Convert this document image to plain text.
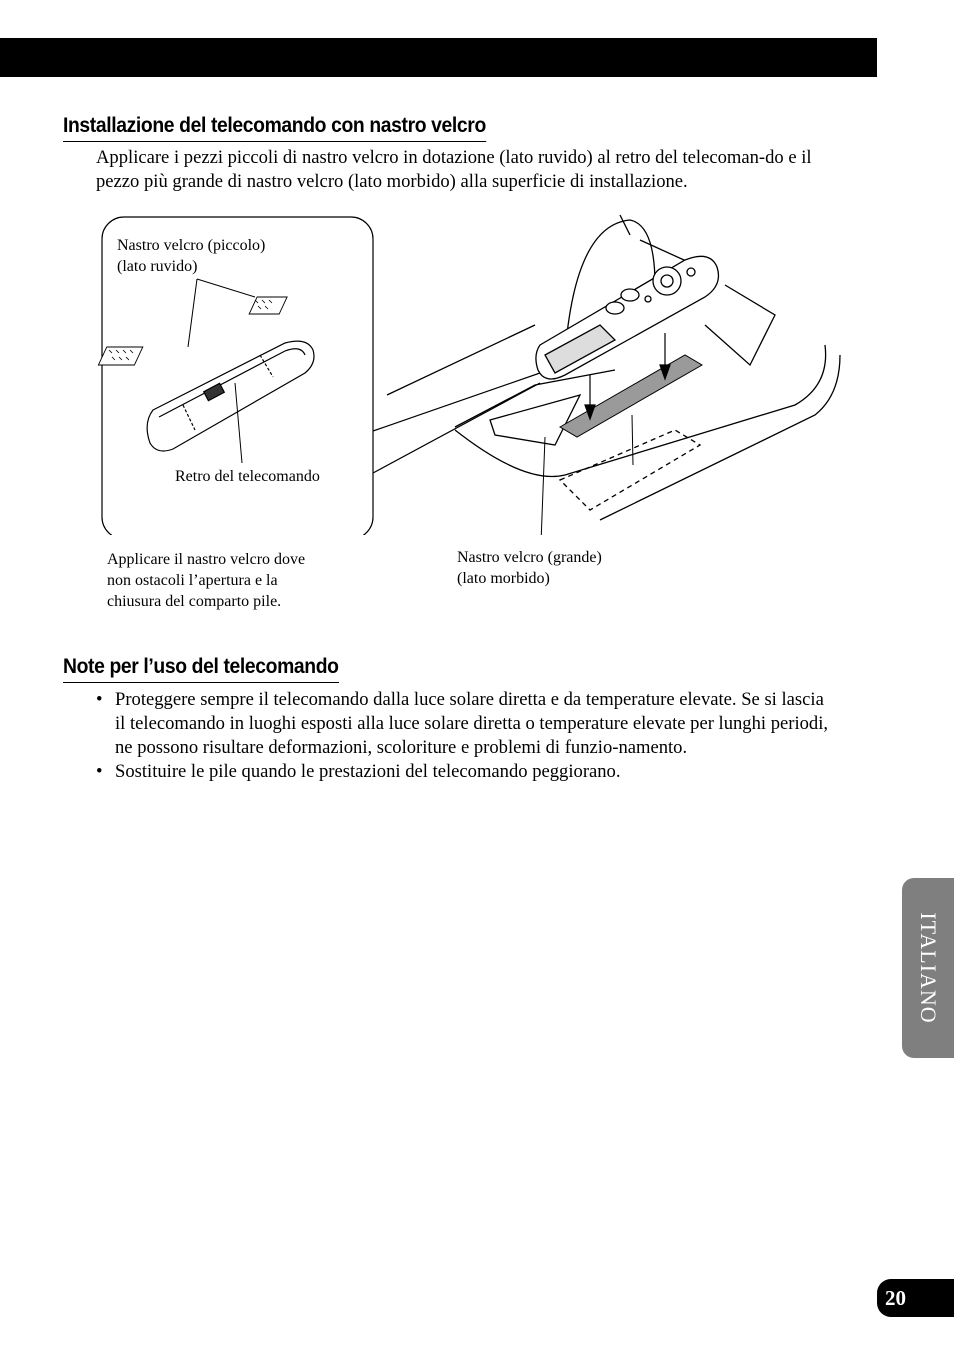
Installazione del telecomando con nastro velcro
Applicare i pezzi piccoli di nastro velcro in dotazione (lato ruvido) al retro del telecoman-do e il pezzo più grande di nastro velcro (lato morbido) alla superficie di installazione.
Nastro velcro (piccolo)
(lato ruvido)
Retro del telecomando
Applicare il nastro velcro dove
non ostacoli l’apertura e la
chiusura del comparto pile.
Nastro velcro (grande)
(lato morbido)
Note per l’uso del telecomando
• Proteggere sempre il telecomando dalla luce solare diretta e da temperature elevate. Se si lascia il telecomando in luoghi esposti alla luce solare diretta o temperature elevate per lunghi periodi, ne possono risultare deformazioni, scoloriture e problemi di funzio-namento.
• Sostituire le pile quando le prestazioni del telecomando peggiorano.
ITALIANO
20
